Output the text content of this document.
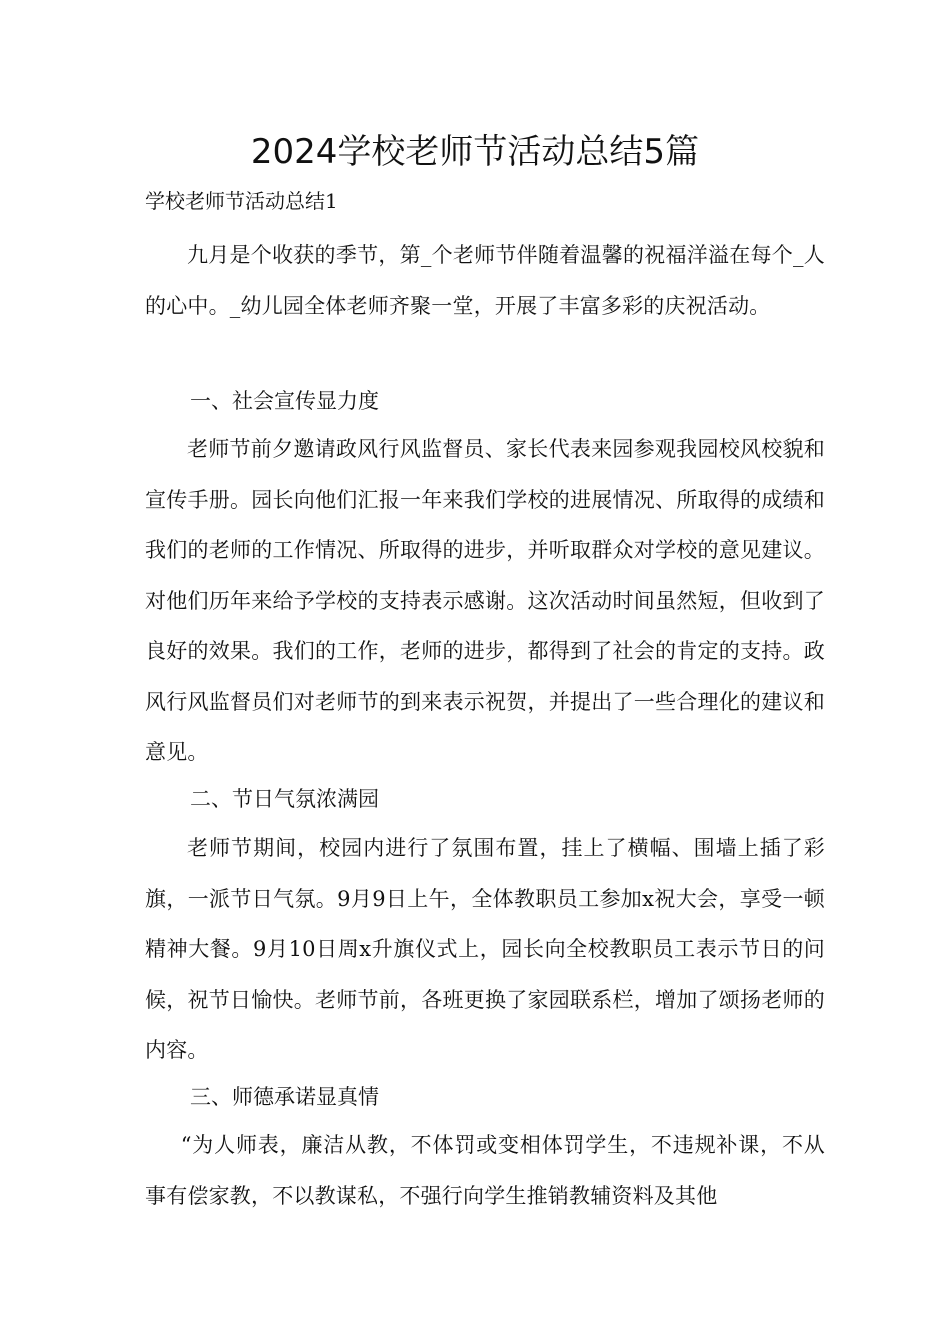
2024学校老师节活动总结5篇

学校老师节活动总结1

九月是个收获的季节，第_个老师节伴随着温馨的祝福洋溢在每个_人的心中。_幼儿园全体老师齐聚一堂，开展了丰富多彩的庆祝活动。

一、社会宣传显力度

老师节前夕邀请政风行风监督员、家长代表来园参观我园校风校貌和宣传手册。园长向他们汇报一年来我们学校的进展情况、所取得的成绩和我们的老师的工作情况、所取得的进步，并听取群众对学校的意见建议。对他们历年来给予学校的支持表示感谢。这次活动时间虽然短，但收到了良好的效果。我们的工作，老师的进步，都得到了社会的肯定的支持。政风行风监督员们对老师节的到来表示祝贺，并提出了一些合理化的建议和意见。

二、节日气氛浓满园

老师节期间，校园内进行了氛围布置，挂上了横幅、围墙上插了彩旗，一派节日气氛。9月9日上午，全体教职员工参加x祝大会，享受一顿精神大餐。9月10日周x升旗仪式上，园长向全校教职员工表示节日的问候，祝节日愉快。老师节前，各班更换了家园联系栏，增加了颂扬老师的内容。

三、师德承诺显真情

“为人师表，廉洁从教，不体罚或变相体罚学生，不违规补课，不从事有偿家教，不以教谋私，不强行向学生推销教辅资料及其他
